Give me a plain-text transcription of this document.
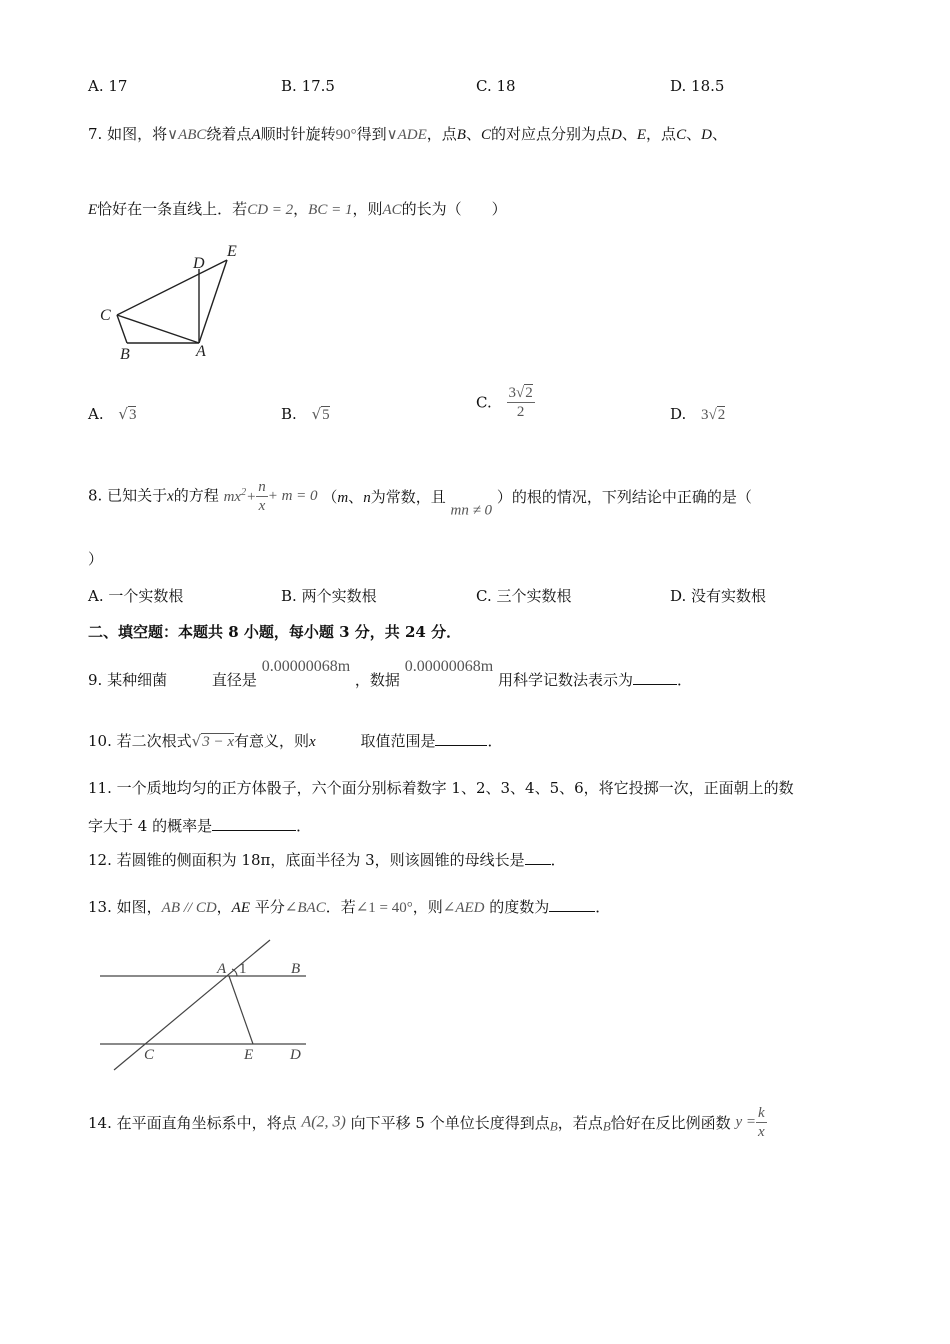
A. 17	B. 17.5	C. 18	D. 18.5
7. 如图，将∨ABC绕着点A顺时针旋转90°得到∨ADE，点B、C的对应点分别为点D、E，点C、D、
E恰好在一条直线上．若CD = 2，BC = 1，则AC的长为（　　）
D
E
C
B	A
A. √3	B. √5
C. $\frac{3√2}{2}$	D. 3√2
8. 已知关于x的方程 $mx^2+ \frac{n}{x} + m = 0$ （m、n为常数，且 mn ≠ 0 ）的根的情况，下列结论中正确的是（
）
A. 一个实数根	B. 两个实数根	C. 三个实数根	D. 没有实数根
二、填空题：本题共 8 小题，每小题 3 分，共 24 分．
9. 某种细菌	直径是 0.00000068m ，数据 0.00000068m 用科学记数法表示为	．
10. 若二次根式√3 − x有意义，则x	取值范围是	．
11. 一个质地均匀的正方体骰子，六个面分别标着数字 1、2、3、4、5、6，将它投掷一次，正面朝上的数
字大于 4 的概率是	．
12. 若圆锥的侧面积为 18π，底面半径为 3，则该圆锥的母线长是 ．
13. 如图，AB // CD，AE 平分∠BAC．若∠1 = 40°，则∠AED 的度数为	．
A 1	B
C	E D
14. 在平面直角坐标系中，将点 A(2, 3) 向下平移 5 个单位长度得到点B，若点B恰好在反比例函数 $y = \frac{k}{x}$
